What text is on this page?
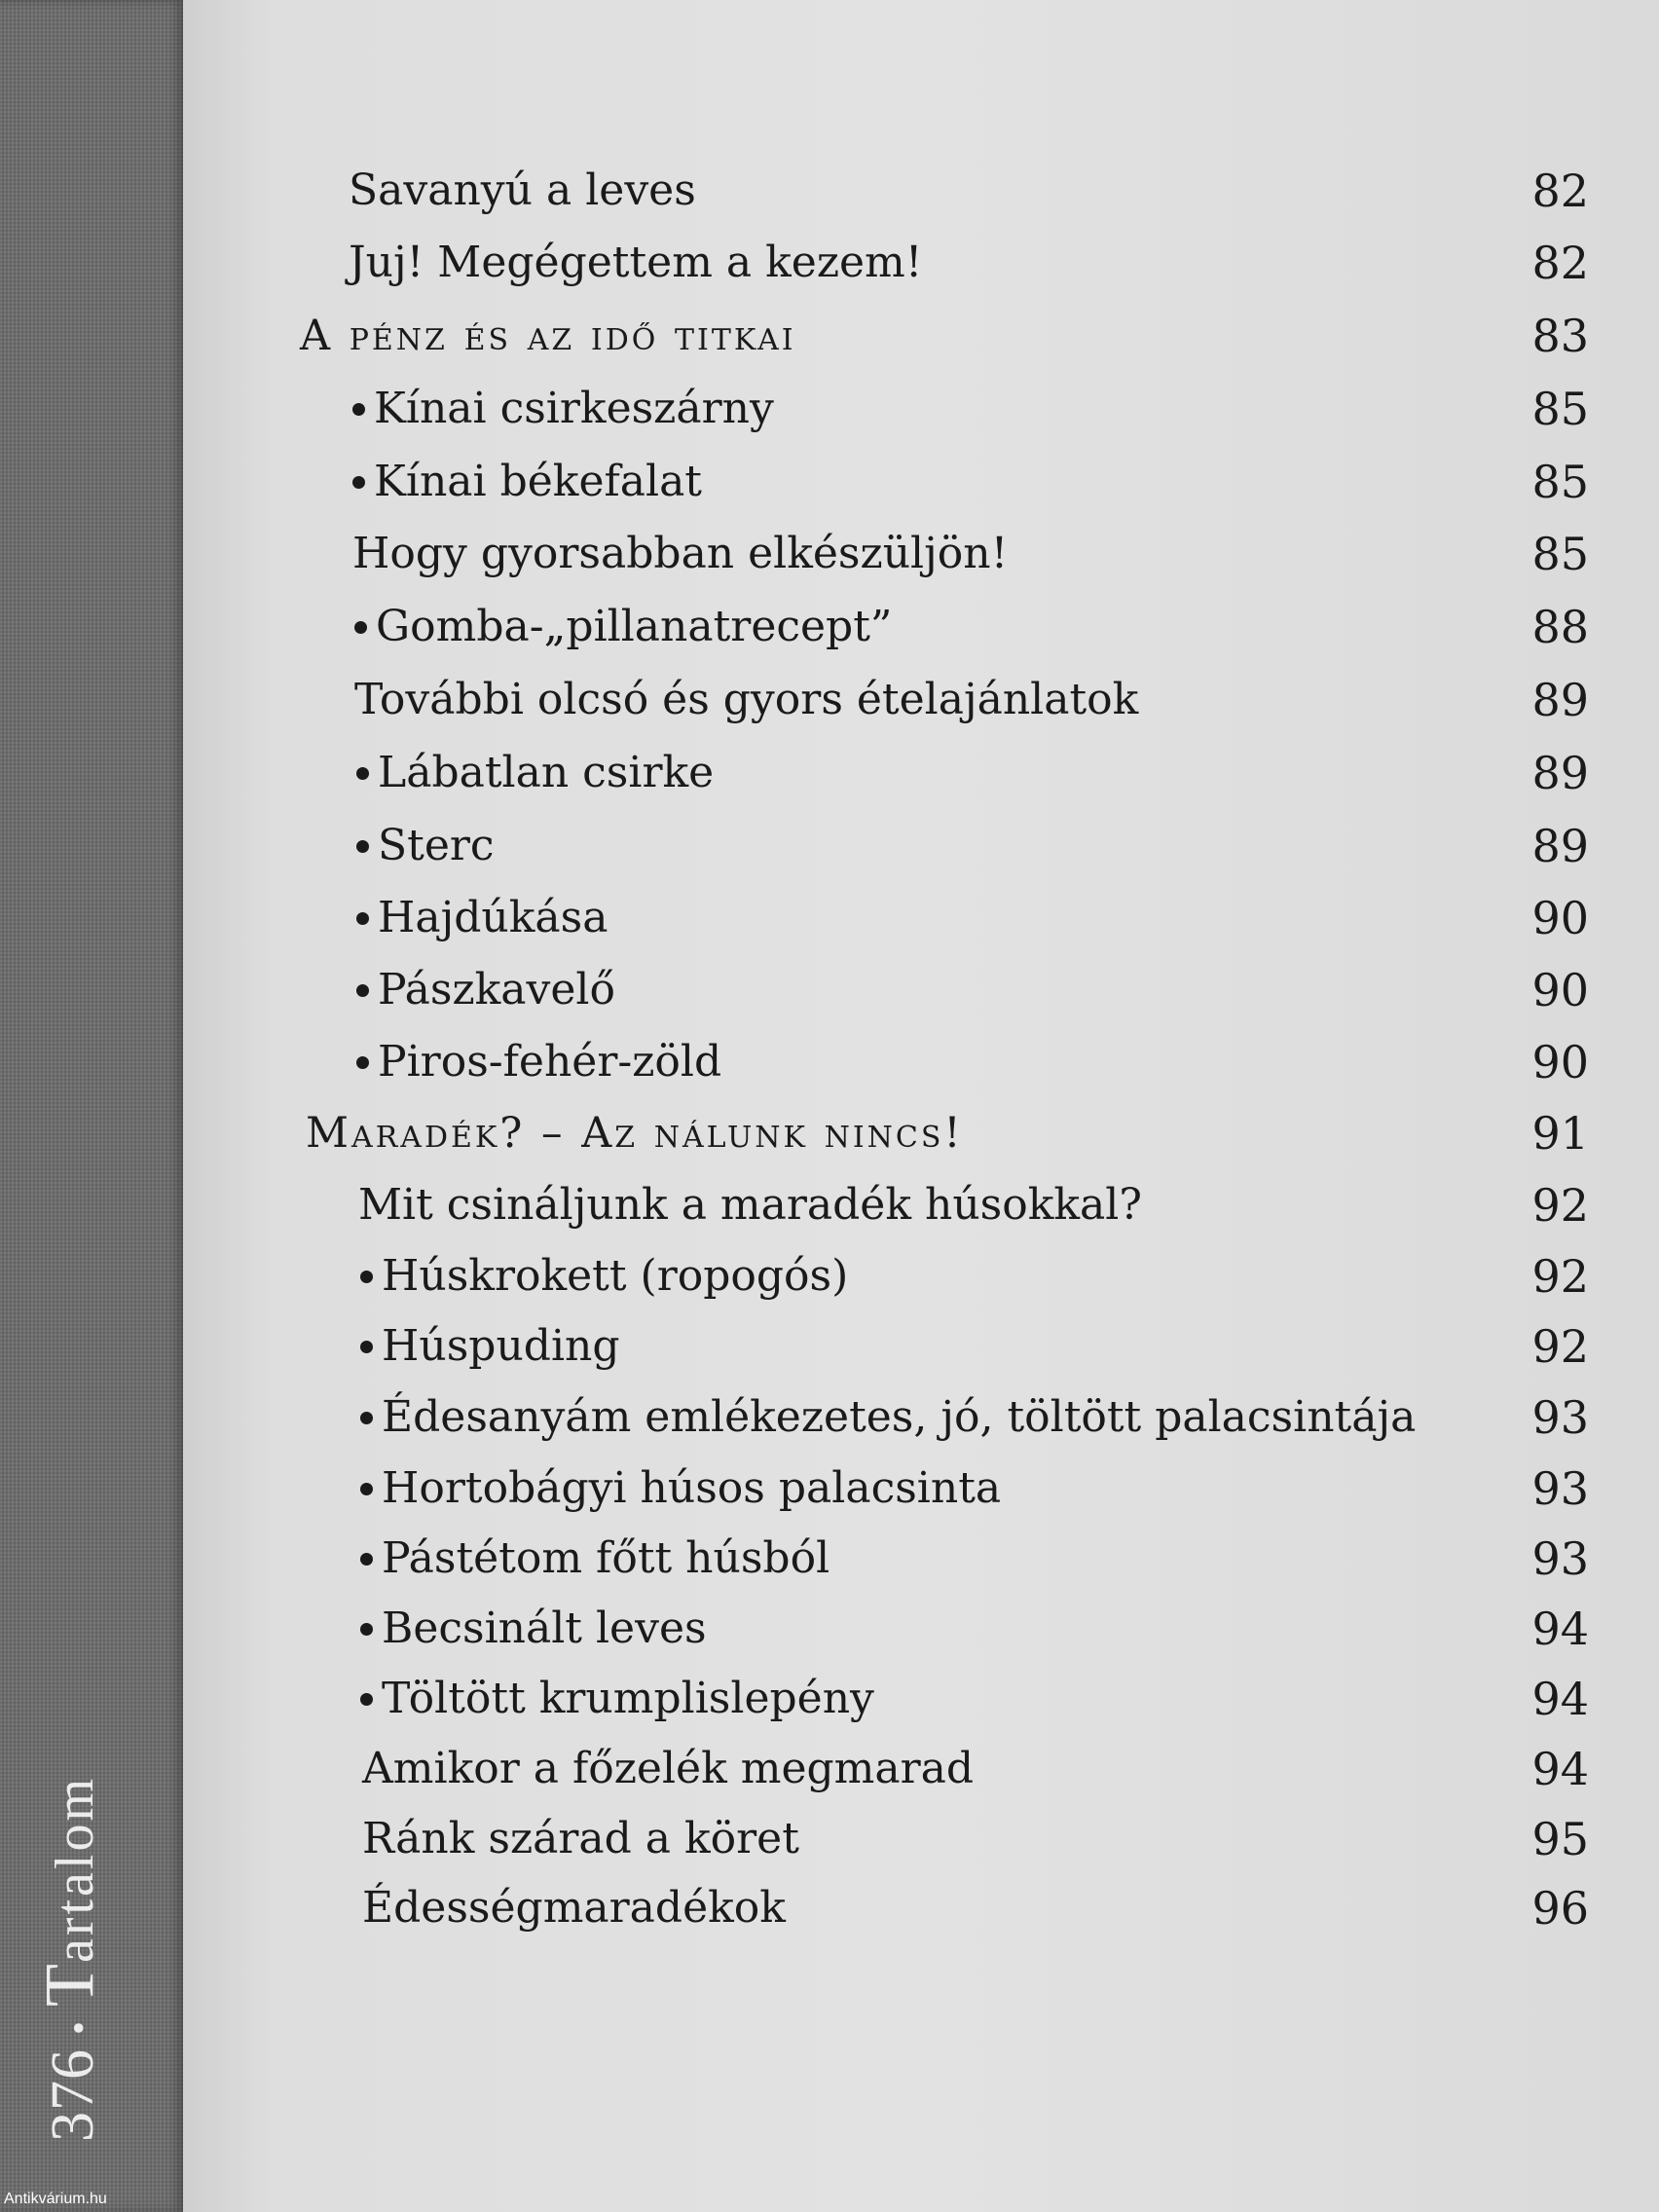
376•Tartalom
Savanyú a leves	82
Juj! Megégettem a kezem!	82
A pénz és az idő titkai	83
Kínai csirkeszárny	85
Kínai békefalat	85
Hogy gyorsabban elkészüljön!	85
Gomba-„pillanatrecept”	88
További olcsó és gyors ételajánlatok	89
Lábatlan csirke	89
Sterc	89
Hajdúkása	90
Pászkavelő	90
Piros-fehér-zöld	90
Maradék? – Az nálunk nincs!	91
Mit csináljunk a maradék húsokkal?	92
Húskrokett (ropogós)	92
Húspuding	92
Édesanyám emlékezetes, jó, töltött palacsintája	93
Hortobágyi húsos palacsinta	93
Pástétom főtt húsból	93
Becsinált leves	94
Töltött krumplislepény	94
Amikor a főzelék megmarad	94
Ránk szárad a köret	95
Édességmaradékok	96
Antikvárium.hu
